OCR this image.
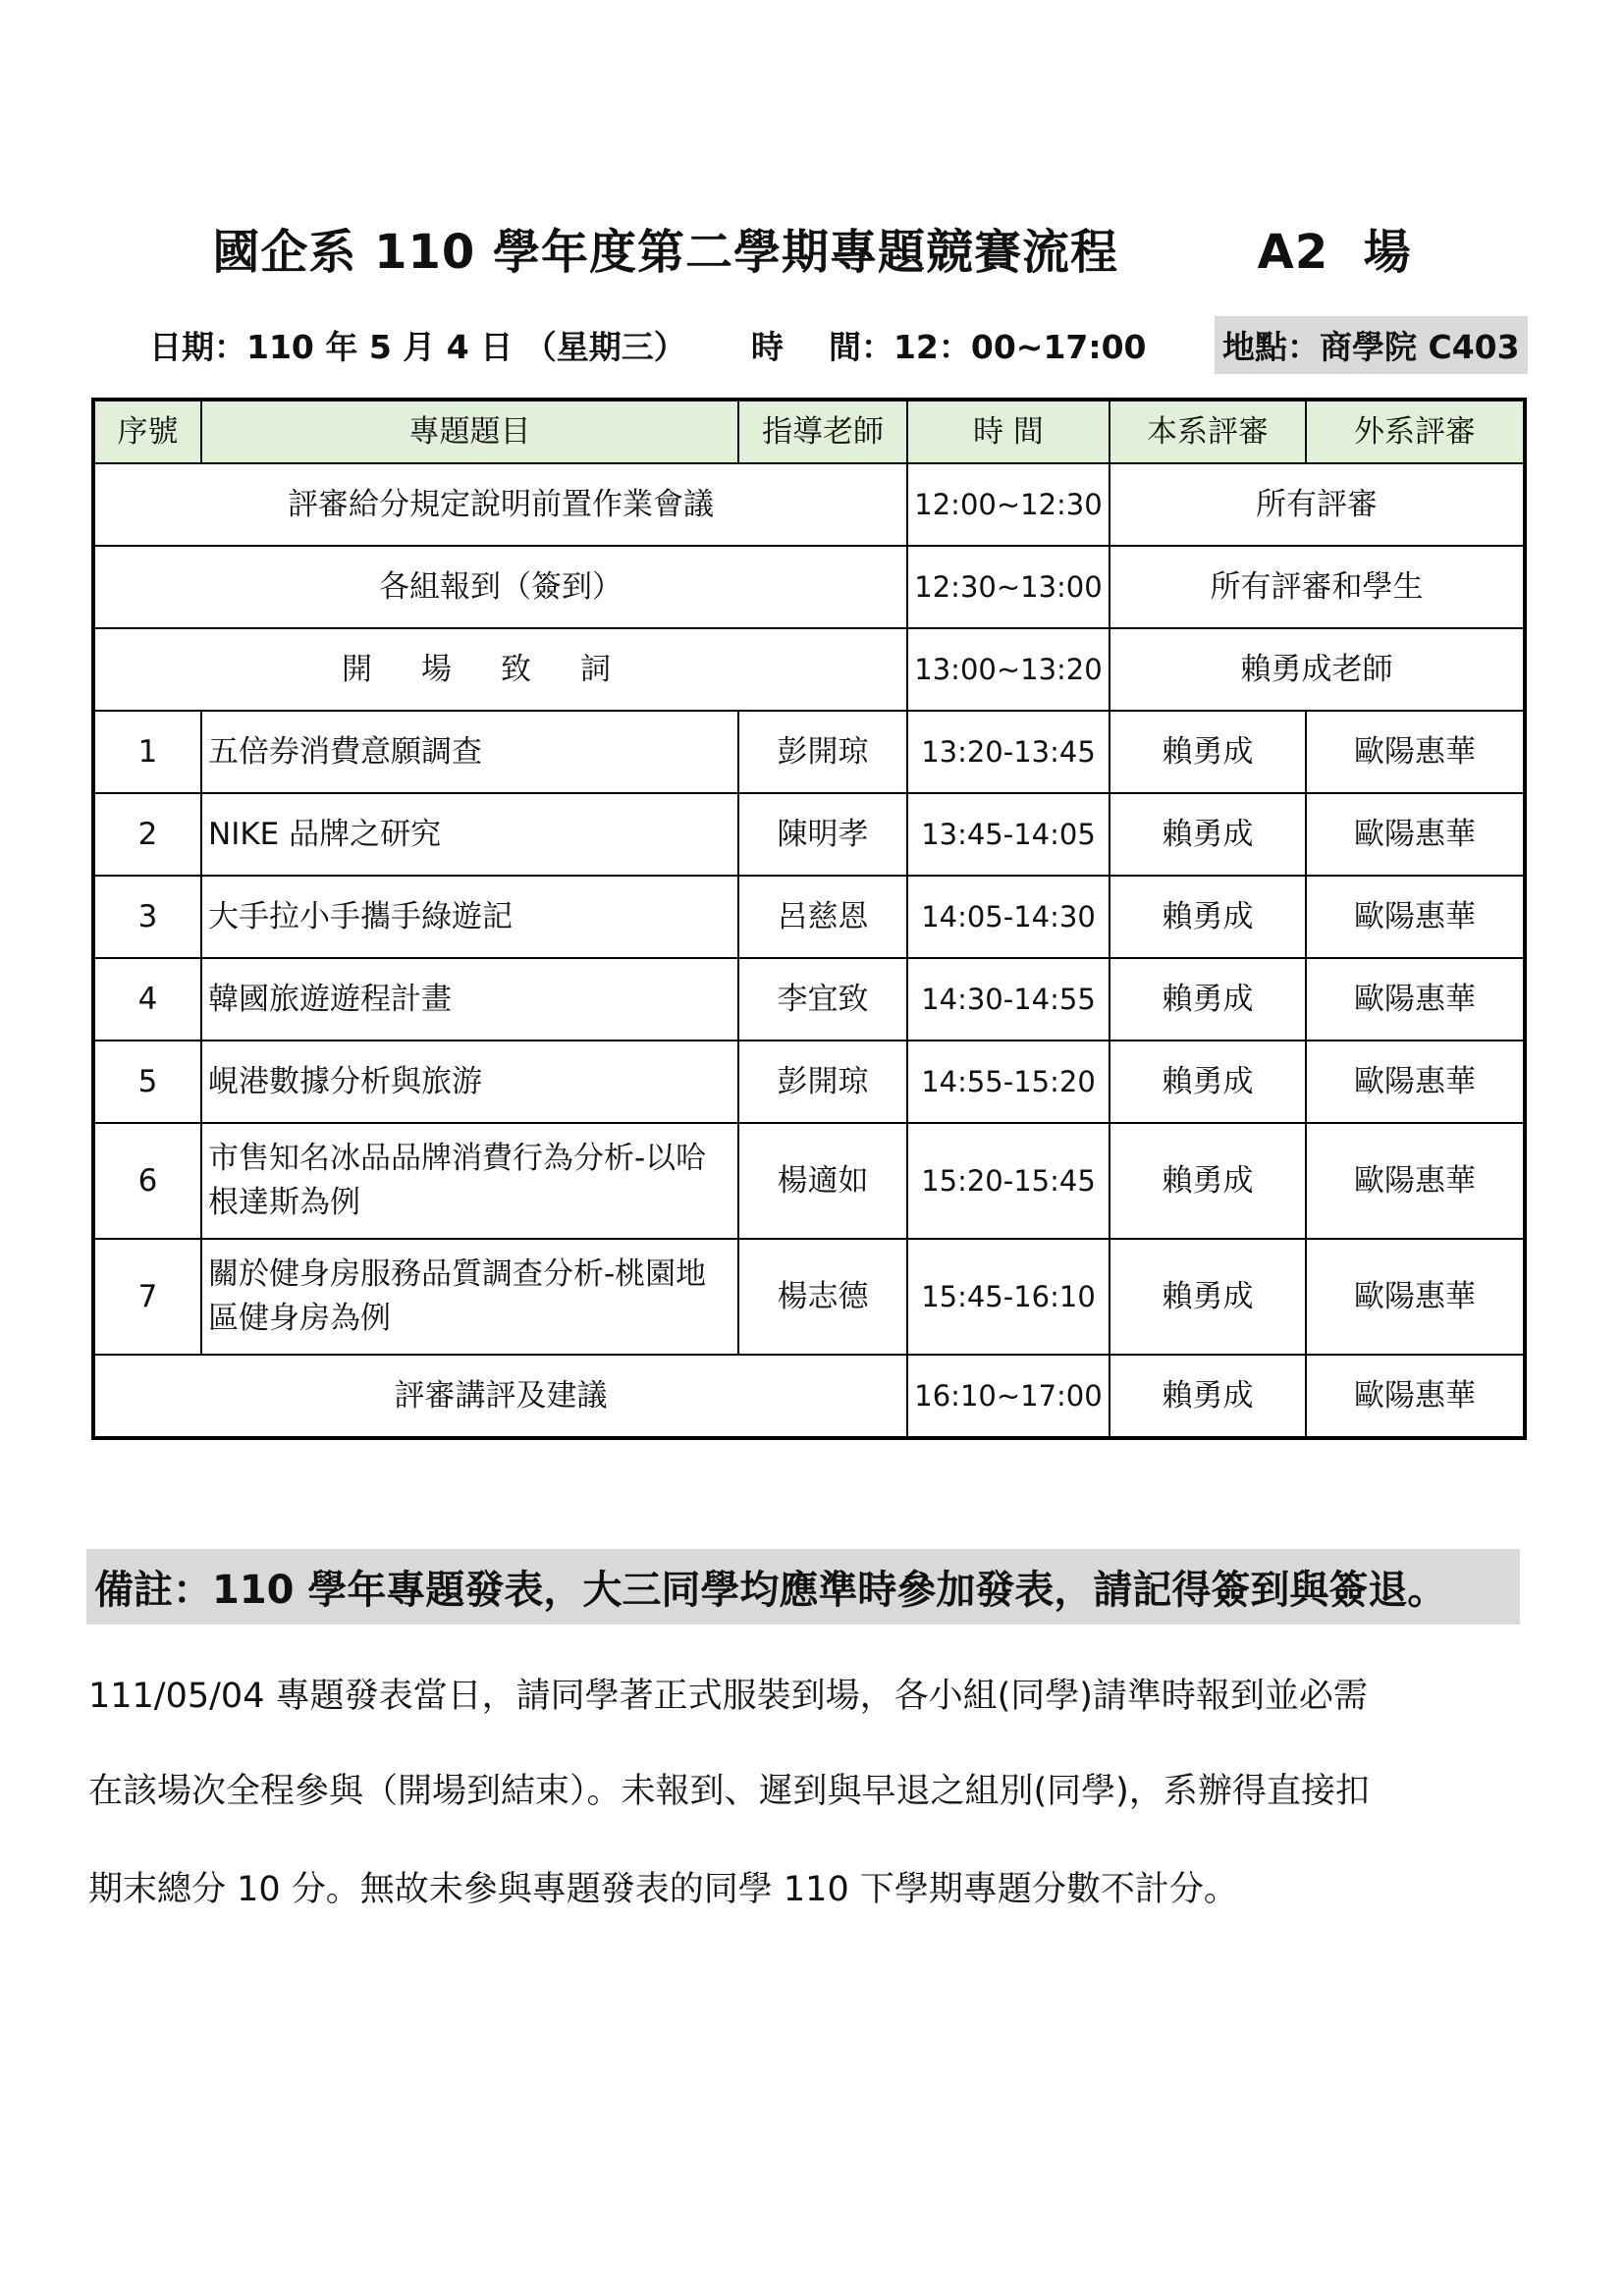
國企系 110 學年度第二學期專題競賽流程        A2  場
日期：110 年 5 月 4 日 （星期三） 時    間：12：00~17:00 地點：商學院 C403
序號	專題題目	指導老師	時 間	本系評審	外系評審
評審給分規定說明前置作業會議			12:00~12:30	所有評審	
各組報到（簽到）			12:30~13:00	所有評審和學生	
開場致詞			13:00~13:20	賴勇成老師	
1	五倍券消費意願調查	彭開琼	13:20-13:45	賴勇成	歐陽惠華
2	NIKE 品牌之研究	陳明孝	13:45-14:05	賴勇成	歐陽惠華
3	大手拉小手攜手綠遊記	呂慈恩	14:05-14:30	賴勇成	歐陽惠華
4	韓國旅遊遊程計畫	李宜致	14:30-14:55	賴勇成	歐陽惠華
5	峴港數據分析與旅游	彭開琼	14:55-15:20	賴勇成	歐陽惠華
6	市售知名冰品品牌消費行為分析-以哈根達斯為例	楊適如	15:20-15:45	賴勇成	歐陽惠華
7	關於健身房服務品質調查分析-桃園地區健身房為例	楊志德	15:45-16:10	賴勇成	歐陽惠華
評審講評及建議			16:10~17:00	賴勇成	歐陽惠華
備註：110 學年專題發表，大三同學均應準時參加發表，請記得簽到與簽退。
111/05/04 專題發表當日，請同學著正式服裝到場，各小組(同學)請準時報到並必需
在該場次全程參與（開場到結束）。未報到、遲到與早退之組別(同學)，系辦得直接扣
期末總分 10 分。無故未參與專題發表的同學 110 下學期專題分數不計分。
